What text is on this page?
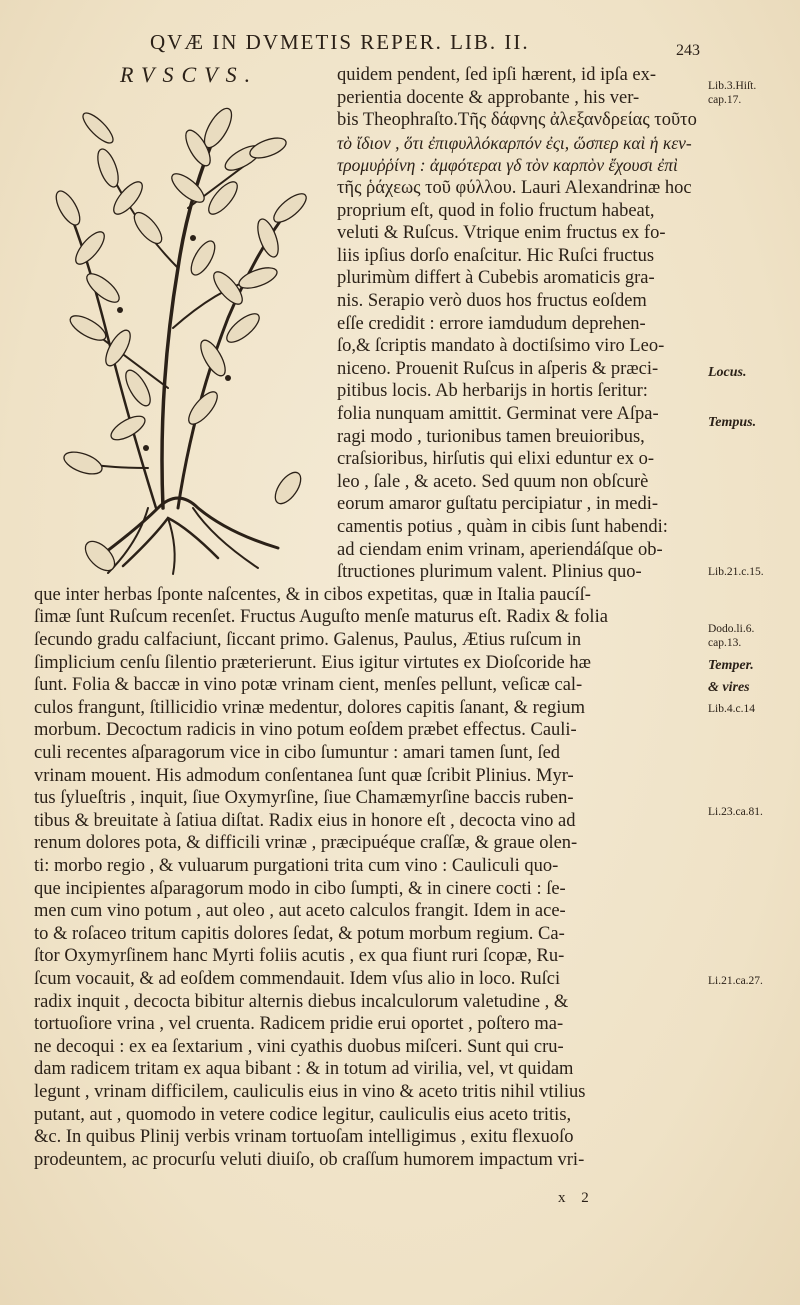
QVÆ IN DVMETIS REPER. LIB. II.	243
RVSCVS.	quidem pendent, ſed ipſi hærent, id ipſa ex-
perientia docente & approbante , his ver-
bis Theophraſto.Τῆς δάφνης ἀλεξανδρείας τοῦτο
τὸ ἴδιον , ὅτι ἐπιφυλλόκαρπόν ἐςι, ὥσπερ καὶ ἡ κεν-
τρομυῤῥίνη : ἀμφότεραι γδ τὸν καρπὸν ἔχουσι ἐπὶ
τῆς ῥάχεως τοῦ φύλλου. Lauri Alexandrinæ hoc
proprium eſt, quod in folio fructum habeat,
veluti & Ruſcus. Vtrique enim fructus ex fo-
liis ipſius dorſo enaſcitur. Hic Ruſci fructus
plurimùm differt à Cubebis aromaticis gra-
nis. Serapio verò duos hos fructus eoſdem
eſſe credidit : errore iamdudum deprehen-
ſo,& ſcriptis mandato à doctiſsimo viro Leo-
niceno. Prouenit Ruſcus in aſperis & præci-
pitibus locis. Ab herbarijs in hortis ſeritur:
folia nunquam amittit. Germinat vere Aſpa-
ragi modo , turionibus tamen breuioribus,
craſsioribus, hirſutis qui elixi eduntur ex o-
leo , ſale , & aceto. Sed quum non obſcurè
eorum amaror guſtatu percipiatur , in medi-
camentis potius , quàm in cibis ſunt habendi:
ad ciendam enim vrinam, aperiendáſque ob-
ſtructiones plurimum valent. Plinius quo-
que inter herbas ſponte naſcentes, & in cibos expetitas, quæ in Italia paucíſ-
ſimæ ſunt Ruſcum recenſet. Fructus Auguſto menſe maturus eſt. Radix & folia
ſecundo gradu calfaciunt, ſiccant primo. Galenus, Paulus, Ætius ruſcum in
ſimplicium cenſu ſilentio præterierunt. Eius igitur virtutes ex Dioſcoride hæ
ſunt. Folia & baccæ in vino potæ vrinam cient, menſes pellunt, veſicæ cal-
culos frangunt, ſtillicidio vrinæ medentur, dolores capitis ſanant, & regium
morbum. Decoctum radicis in vino potum eoſdem præbet effectus. Cauli-
culi recentes aſparagorum vice in cibo ſumuntur : amari tamen ſunt, ſed
vrinam mouent. His admodum conſentanea ſunt quæ ſcribit Plinius. Myr-
tus ſylueſtris , inquit, ſiue Oxymyrſine, ſiue Chamæmyrſine baccis ruben-
tibus & breuitate à ſatiua diſtat. Radix eius in honore eſt , decocta vino ad
renum dolores pota, & difficili vrinæ , præcipuéque craſſæ, & graue olen-
ti: morbo regio , & vuluarum purgationi trita cum vino : Cauliculi quo-
que incipientes aſparagorum modo in cibo ſumpti, & in cinere cocti : ſe-
men cum vino potum , aut oleo , aut aceto calculos frangit. Idem in ace-
to & roſaceo tritum capitis dolores ſedat, & potum morbum regium. Ca-
ſtor Oxymyrſinem hanc Myrti foliis acutis , ex qua fiunt ruri ſcopæ, Ru-
ſcum vocauit, & ad eoſdem commendauit. Idem vſus alio in loco. Ruſci
radix inquit , decocta bibitur alternis diebus incalculorum valetudine , &
tortuoſiore vrina , vel cruenta. Radicem pridie erui oportet , poſtero ma-
ne decoqui : ex ea ſextarium , vini cyathis duobus miſceri. Sunt qui cru-
dam radicem tritam ex aqua bibant : & in totum ad virilia, vel, vt quidam
legunt , vrinam difficilem, cauliculis eius in vino & aceto tritis nihil vtilius
putant, aut , quomodo in vetere codice legitur, cauliculis eius aceto tritis,
&c. In quibus Plinij verbis vrinam tortuoſam intelligimus , exitu flexuoſo
prodeuntem, ac procurſu veluti diuiſo, ob craſſum humorem impactum vri-
Lib.3.Hiſt.
cap.17.
Locus.
Tempus.
Lib.21.c.15.
Dodo.li.6.
cap.13.
Temper.
& vires
Lib.4.c.14
Li.23.ca.81.
Li.21.ca.27.
x 2
